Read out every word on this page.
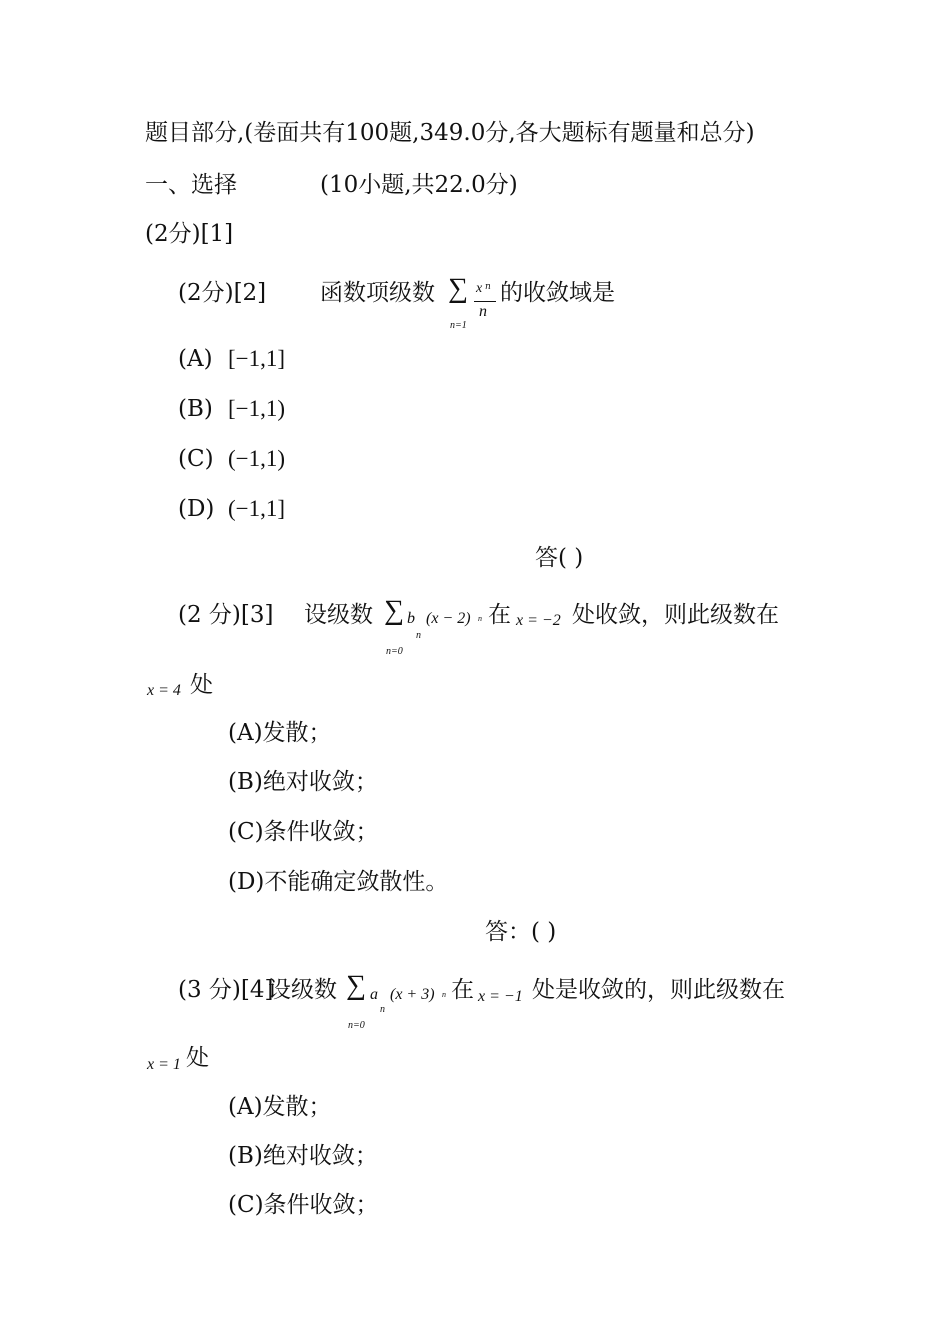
题目部分,(卷面共有100题,349.0分,各大题标有题量和总分)
一、选择	(10小题,共22.0分)
(2分)[1]
(2分)[2] 函数项级数 ∑
n=1
x n
n
的收敛域是
(A) [−1,1]
(B) [−1,1)
(C) (−1,1)
(D) (−1,1]
答( )
(2 分)[3] 设级数 ∑
n=0
b
n
(x − 2) n 在 x = −2 处收敛，则此级数在
x = 4 处
(A)发散；
(B)绝对收敛；
(C)条件收敛；
(D)不能确定敛散性。
答：( )
(3 分)[4]
设级数 ∑
n=0
a
n
(x + 3) n 在 x = −1 处是收敛的，则此级数在
x = 1 处
(A)发散；
(B)绝对收敛；
(C)条件收敛；
